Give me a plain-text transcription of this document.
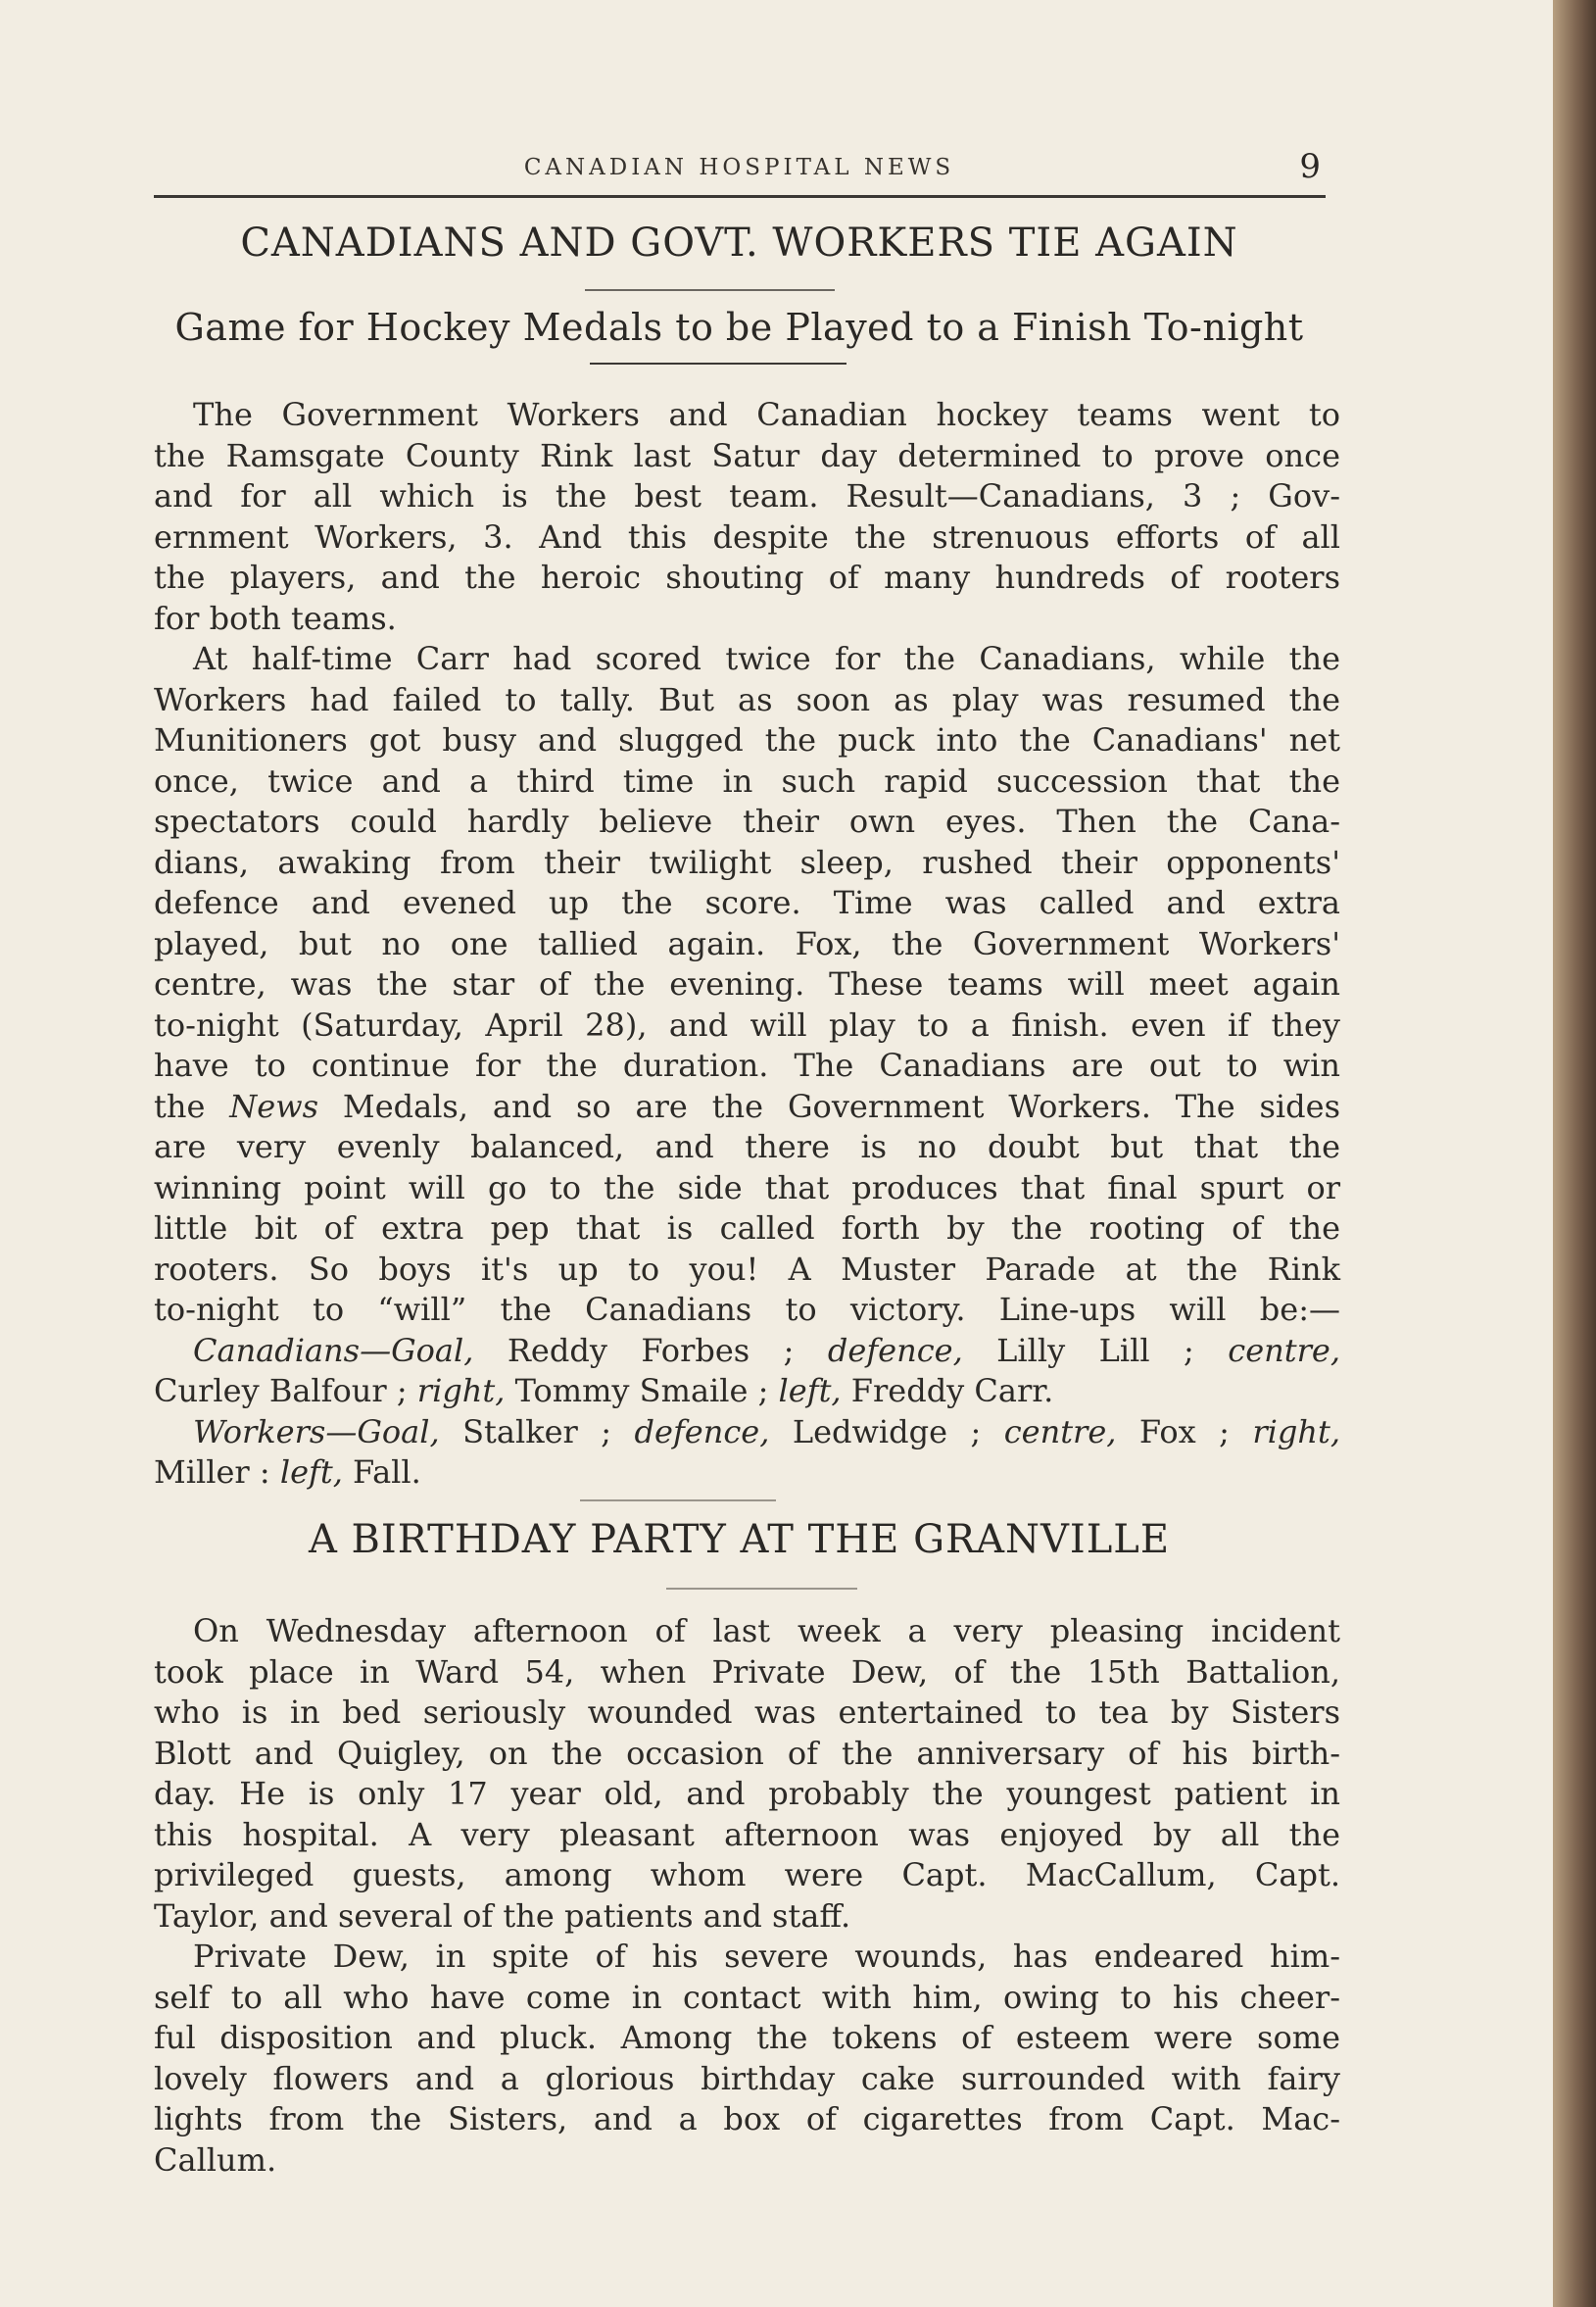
CANADIAN HOSPITAL NEWS	9
CANADIANS AND GOVT. WORKERS TIE AGAIN
Game for Hockey Medals to be Played to a Finish To-night
The Government Workers and Canadian hockey teams went to
the Ramsgate County Rink last Satur day determined to prove once
and for all which is the best team. Result—Canadians, 3 ; Gov-
ernment Workers, 3. And this despite the strenuous efforts of all
the players, and the heroic shouting of many hundreds of rooters
for both teams.
At half-time Carr had scored twice for the Canadians, while the
Workers had failed to tally. But as soon as play was resumed the
Munitioners got busy and slugged the puck into the Canadians' net
once, twice and a third time in such rapid succession that the
spectators could hardly believe their own eyes. Then the Cana-
dians, awaking from their twilight sleep, rushed their opponents'
defence and evened up the score. Time was called and extra
played, but no one tallied again. Fox, the Government Workers'
centre, was the star of the evening. These teams will meet again
to-night (Saturday, April 28), and will play to a finish. even if they
have to continue for the duration. The Canadians are out to win
the News Medals, and so are the Government Workers. The sides
are very evenly balanced, and there is no doubt but that the
winning point will go to the side that produces that final spurt or
little bit of extra pep that is called forth by the rooting of the
rooters. So boys it's up to you! A Muster Parade at the Rink
to-night to “will” the Canadians to victory. Line-ups will be:—
Canadians—Goal, Reddy Forbes ; defence, Lilly Lill ; centre,
Curley Balfour ; right, Tommy Smaile ; left, Freddy Carr.
Workers—Goal, Stalker ; defence, Ledwidge ; centre, Fox ; right,
Miller : left, Fall.
A BIRTHDAY PARTY AT THE GRANVILLE
On Wednesday afternoon of last week a very pleasing incident
took place in Ward 54, when Private Dew, of the 15th Battalion,
who is in bed seriously wounded was entertained to tea by Sisters
Blott and Quigley, on the occasion of the anniversary of his birth-
day. He is only 17 year old, and probably the youngest patient in
this hospital. A very pleasant afternoon was enjoyed by all the
privileged guests, among whom were Capt. MacCallum, Capt.
Taylor, and several of the patients and staff.
Private Dew, in spite of his severe wounds, has endeared him-
self to all who have come in contact with him, owing to his cheer-
ful disposition and pluck. Among the tokens of esteem were some
lovely flowers and a glorious birthday cake surrounded with fairy
lights from the Sisters, and a box of cigarettes from Capt. Mac-
Callum.
